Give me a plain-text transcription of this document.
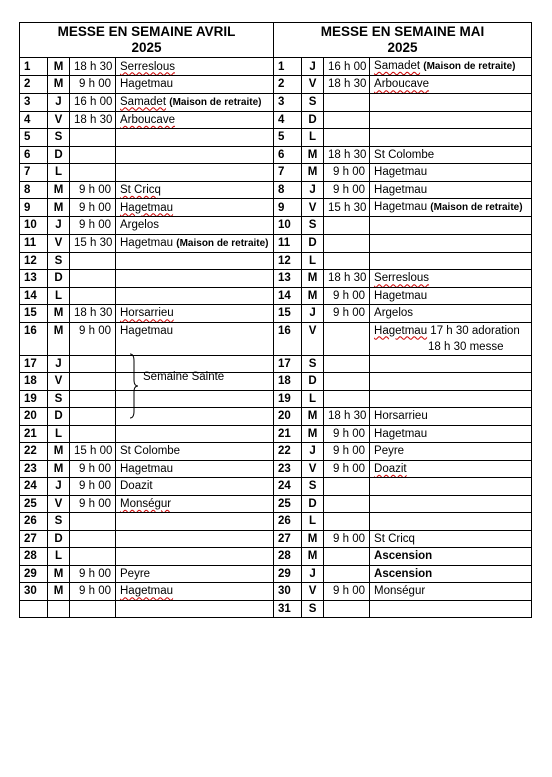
MESSE EN SEMAINE AVRIL
2025				MESSE EN SEMAINE MAI
2025			
1	M	18 h 30	Serreslous	1	J	16 h 00	Samadet (Maison de retraite)
2	M	9 h 00	Hagetmau	2	V	18 h 30	Arboucave
3	J	16 h 00	Samadet (Maison de retraite)	3	S		
4	V	18 h 30	Arboucave	4	D		
5	S			5	L		
6	D			6	M	18 h 30	St Colombe
7	L			7	M	9 h 00	Hagetmau
8	M	9 h 00	St Cricq	8	J	9 h 00	Hagetmau
9	M	9 h 00	Hagetmau	9	V	15 h 30	Hagetmau (Maison de retraite)
10	J	9 h 00	Argelos	10	S		
11	V	15 h 30	Hagetmau (Maison de retraite)	11	D		
12	S			12	L		
13	D			13	M	18 h 30	Serreslous
14	L			14	M	9 h 00	Hagetmau
15	M	18 h 30	Horsarrieu	15	J	9 h 00	Argelos
16	M	9 h 00	Hagetmau	16	V		Hagetmau 17 h 30 adoration
18 h 30 messe

17	J			17	S		
18	V			18	D		
19	S			19	L		
20	D			20	M	18 h 30	Horsarrieu
21	L			21	M	9 h 00	Hagetmau
22	M	15 h 00	St Colombe	22	J	9 h 00	Peyre
23	M	9 h 00	Hagetmau	23	V	9 h 00	Doazit
24	J	9 h 00	Doazit	24	S		
25	V	9 h 00	Monségur	25	D		
26	S			26	L		
27	D			27	M	9 h 00	St Cricq
28	L			28	M		Ascension
29	M	9 h 00	Peyre	29	J		Ascension
30	M	9 h 00	Hagetmau	30	V	9 h 00	Monségur
				31	S		
Semaine Sainte
